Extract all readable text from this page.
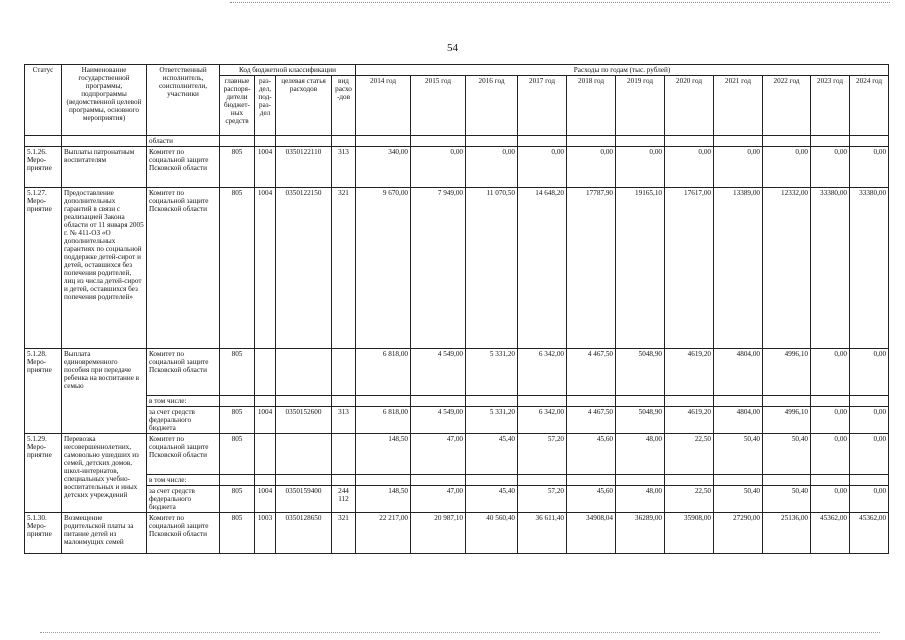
54
Статус	Наименование государственной программы, подпрограммы (ведомственной целевой программы, основного мероприятия)	Ответственный исполнитель, соисполнители, участники	Код бюджетной классификации				Расходы по годам (тыс. рублей)										
			главные распоря-дители бюджет-ных средств	раз-дел, под-раз-дел	целевая статья расходов	вид расхо-дов	2014 год	2015 год	2016 год	2017 год	2018 год	2019 год	2020 год	2021 год	2022 год	2023 год	2024 год
		области															
5.1.26. Меро-приятие	Выплаты патронатным воспитателям	Комитет по социальной защите Псковской области	805	1004	0350122110	313	340,00	0,00	0,00	0,00	0,00	0,00	0,00	0,00	0,00	0,00	0,00
5.1.27. Меро-приятие	Предоставление дополнительных гарантий в связи с реализацией Закона области от 11 января 2005 г. № 411-ОЗ «О дополнительных гарантиях по социальной поддержке детей-сирот и детей, оставшихся без попечения родителей, лиц из числа детей-сирот и детей, оставшихся без попечения родителей»	Комитет по социальной защите Псковской области	805	1004	0350122150	321	9 670,00	7 949,00	11 070,50	14 648,20	17787,90	19165,10	17617,00	13389,00	12332,00	33380,00	33380,00
5.1.28. Меро-приятие	Выплата единовременного пособия при передаче ребенка на воспитание в семью	Комитет по социальной защите Псковской области	805				6 818,00	4 549,00	5 331,20	6 342,00	4 467,50	5048,90	4619,20	4804,00	4996,10	0,00	0,00
		в том числе:															
		за счет средств федерального бюджета	805	1004	0350152600	313	6 818,00	4 549,00	5 331,20	6 342,00	4 467,50	5048,90	4619,20	4804,00	4996,10	0,00	0,00
5.1.29. Меро-приятие	Перевозка несовершеннолетних, самовольно ушедших из семей, детских домов, школ-интернатов, специальных учебно-воспитательных и иных детских учреждений	Комитет по социальной защите Псковской области	805				148,50	47,00	45,40	57,20	45,60	48,00	22,50	50,40	50,40	0,00	0,00
		в том числе:															
		за счет средств федерального бюджета	805	1004	0350159400	244 112	148,50	47,00	45,40	57,20	45,60	48,00	22,50	50,40	50,40	0,00	0,00
5.1.30. Меро-приятие	Возмещение родительской платы за питание детей из малоимущих семей	Комитет по социальной защите Псковской области	805	1003	0350128650	321	22 217,00	20 987,10	40 560,40	36 611,40	34908,04	36289,00	35908,00	27290,00	25136,00	45362,00	45362,00
